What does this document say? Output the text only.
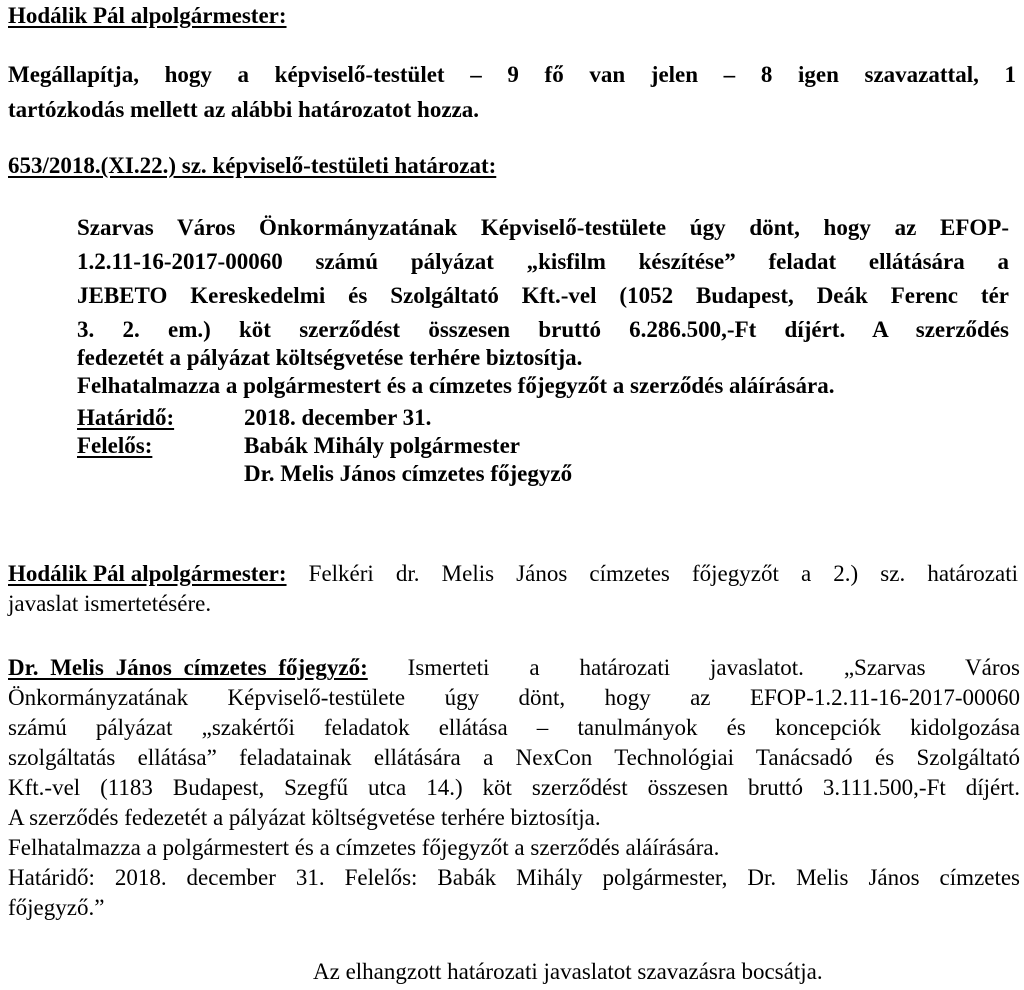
Hodálik Pál alpolgármester:
Megállapítja, hogy a képviselő-testület – 9 fő van jelen – 8 igen szavazattal, 1
tartózkodás mellett az alábbi határozatot hozza.
653/2018.(XI.22.) sz. képviselő-testületi határozat:
Szarvas Város Önkormányzatának Képviselő-testülete úgy dönt, hogy az EFOP-
1.2.11-16-2017-00060 számú pályázat „kisfilm készítése” feladat ellátására a
JEBETO Kereskedelmi és Szolgáltató Kft.-vel (1052 Budapest, Deák Ferenc tér
3. 2. em.) köt szerződést összesen bruttó 6.286.500,-Ft díjért. A szerződés
fedezetét a pályázat költségvetése terhére biztosítja.
Felhatalmazza a polgármestert és a címzetes főjegyzőt a szerződés aláírására.
Határidő:	2018. december 31.
Felelős:	Babák Mihály polgármester
Dr. Melis János címzetes főjegyző
Hodálik Pál alpolgármester: Felkéri dr. Melis János címzetes főjegyzőt a 2.) sz. határozati
javaslat ismertetésére.
Dr. Melis János címzetes főjegyző: Ismerteti a határozati javaslatot. „Szarvas Város
Önkormányzatának Képviselő-testülete úgy dönt, hogy az EFOP-1.2.11-16-2017-00060
számú pályázat „szakértői feladatok ellátása – tanulmányok és koncepciók kidolgozása
szolgáltatás ellátása” feladatainak ellátására a NexCon Technológiai Tanácsadó és Szolgáltató
Kft.-vel (1183 Budapest, Szegfű utca 14.) köt szerződést összesen bruttó 3.111.500,-Ft díjért.
A szerződés fedezetét a pályázat költségvetése terhére biztosítja.
Felhatalmazza a polgármestert és a címzetes főjegyzőt a szerződés aláírására.
Határidő: 2018. december 31. Felelős: Babák Mihály polgármester, Dr. Melis János címzetes
főjegyző.”
Az elhangzott határozati javaslatot szavazásra bocsátja.
